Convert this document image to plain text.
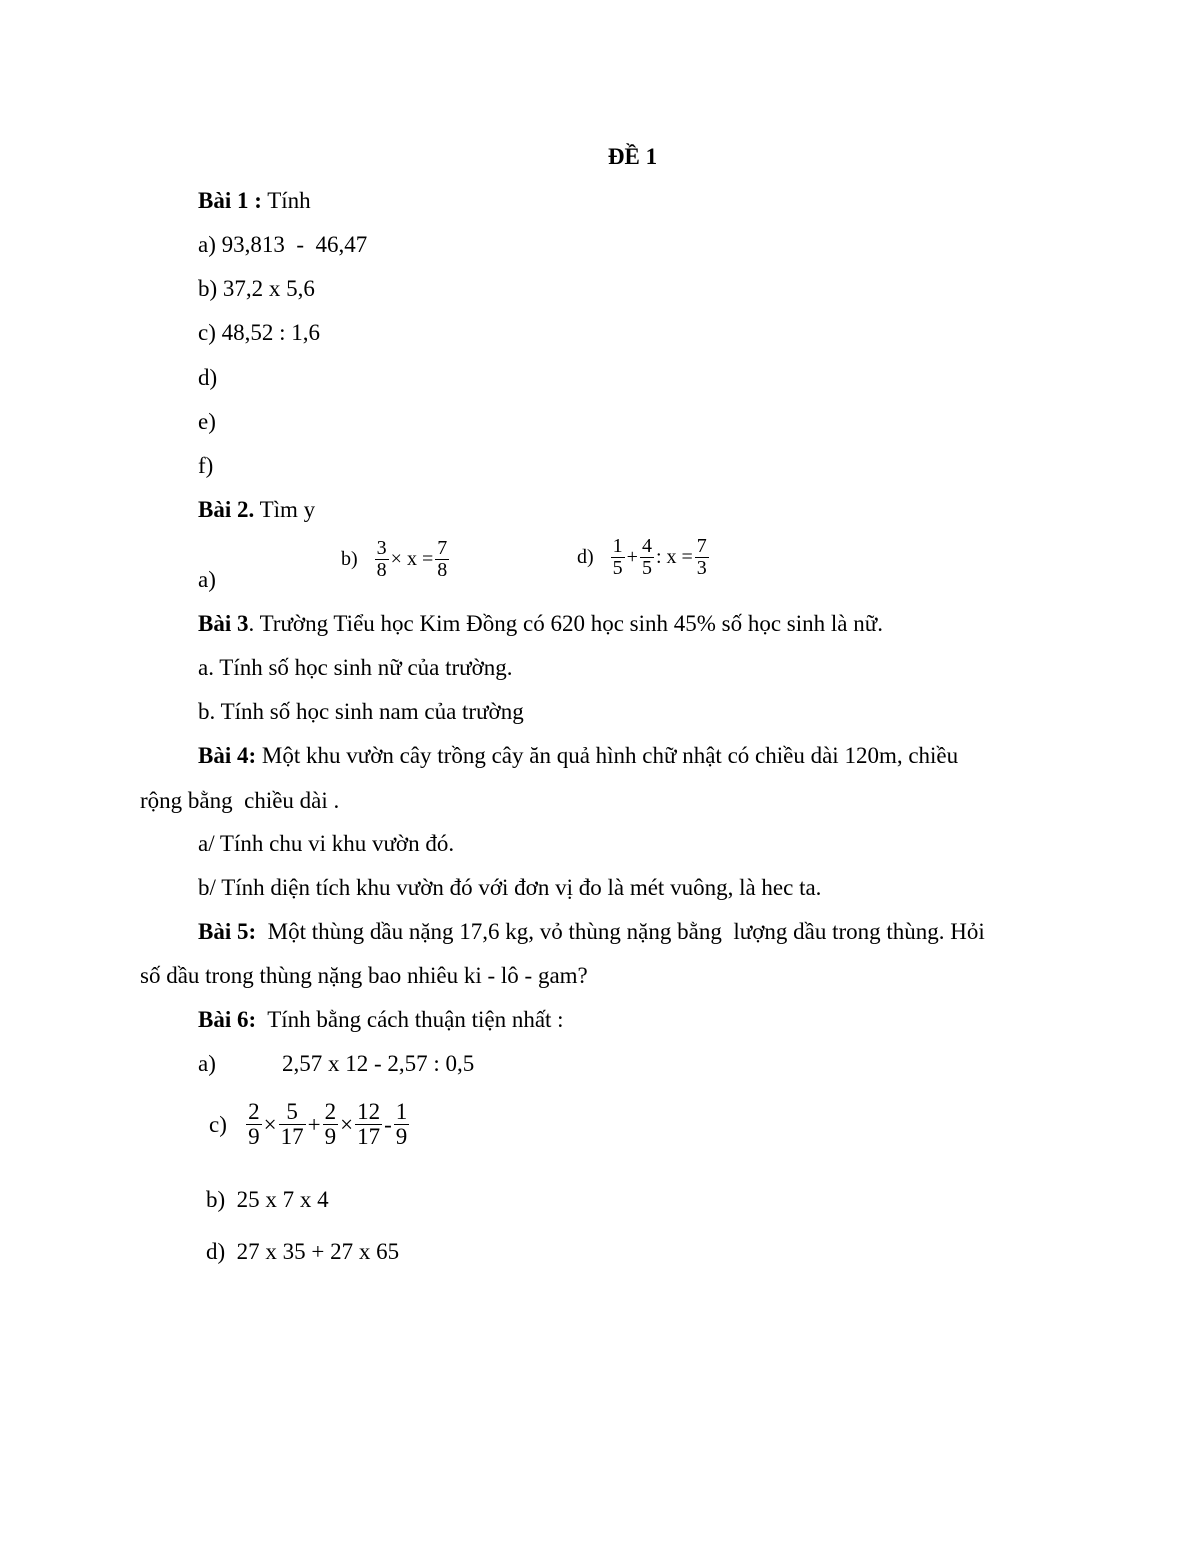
ĐỀ 1
Bài 1 : Tính
a) 93,813  -  46,47
b) 37,2 x 5,6
c) 48,52 : 1,6
d)
e)
f)
Bài 2. Tìm y
a)
$b) \frac{3}{8} \times x = \frac{7}{8}$	$d) \frac{1}{5} + \frac{4}{5}$ : $x = \frac{7}{3}$
Bài 3. Trường Tiểu học Kim Đồng có 620 học sinh 45% số học sinh là nữ.
a. Tính số học sinh nữ của trường.
b. Tính số học sinh nam của trường
Bài 4: Một khu vườn cây trồng cây ăn quả hình chữ nhật có chiều dài 120m, chiều
rộng bằng  chiều dài .
a/ Tính chu vi khu vườn đó.
b/ Tính diện tích khu vườn đó với đơn vị đo là mét vuông, là hec ta.
Bài 5:  Một thùng dầu nặng 17,6 kg, vỏ thùng nặng bằng  lượng dầu trong thùng. Hỏi
số dầu trong thùng nặng bao nhiêu ki - lô - gam?
Bài 6:  Tính bằng cách thuận tiện nhất :
a)	2,57 x 12 - 2,57 : 0,5
$c) \frac{2}{9} \times \frac{5}{17} + \frac{2}{9} \times \frac{12}{17} - \frac{1}{9}$
b)  25 x 7 x 4
d)  27 x 35 + 27 x 65
